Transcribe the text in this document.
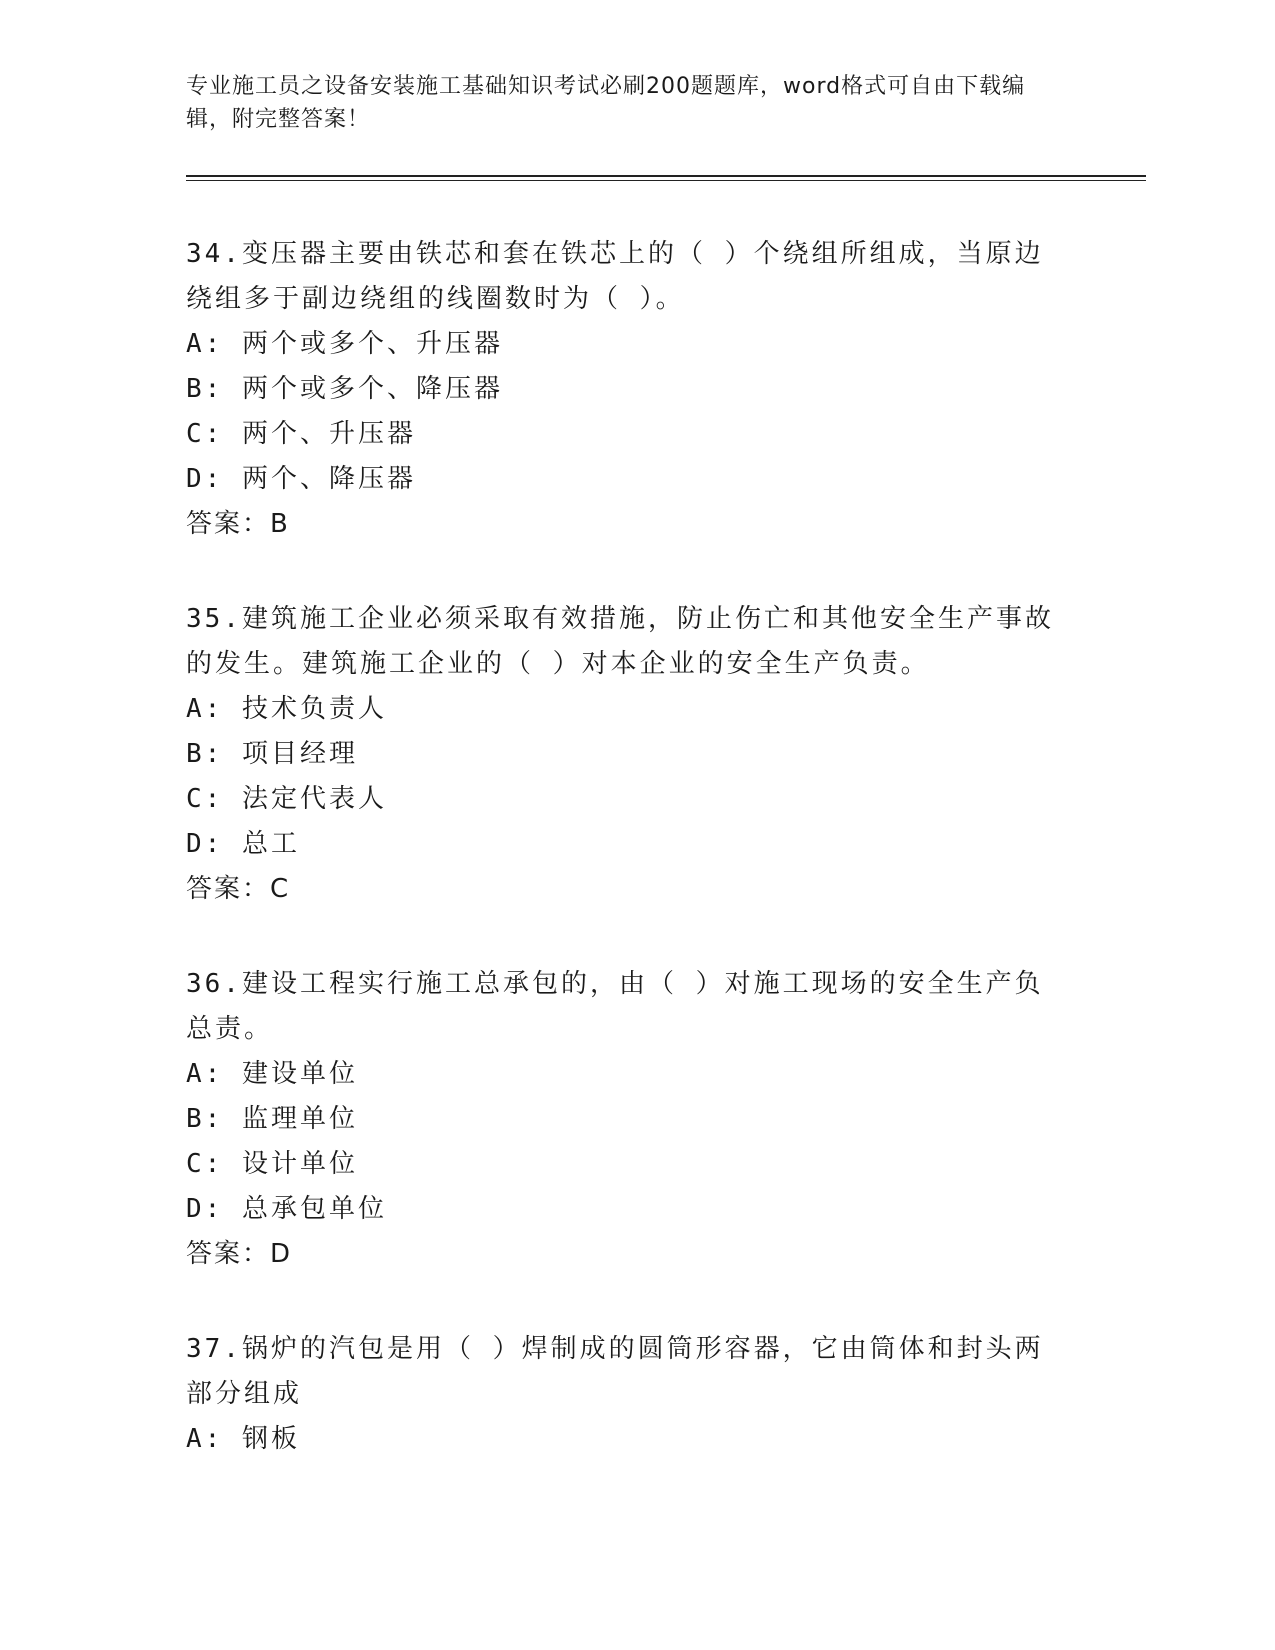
专业施工员之设备安装施工基础知识考试必刷200题题库，word格式可自由下载编辑，附完整答案！

34.变压器主要由铁芯和套在铁芯上的（ ）个绕组所组成，当原边绕组多于副边绕组的线圈数时为（ ）。

A: 两个或多个、升压器

B: 两个或多个、降压器

C: 两个、升压器

D: 两个、降压器

答案：B

35.建筑施工企业必须采取有效措施，防止伤亡和其他安全生产事故的发生。建筑施工企业的（ ）对本企业的安全生产负责。

A: 技术负责人

B: 项目经理

C: 法定代表人

D: 总工

答案：C

36.建设工程实行施工总承包的，由（ ）对施工现场的安全生产负总责。

A: 建设单位

B: 监理单位

C: 设计单位

D: 总承包单位

答案：D

37.锅炉的汽包是用（ ）焊制成的圆筒形容器，它由筒体和封头两部分组成

A: 钢板
